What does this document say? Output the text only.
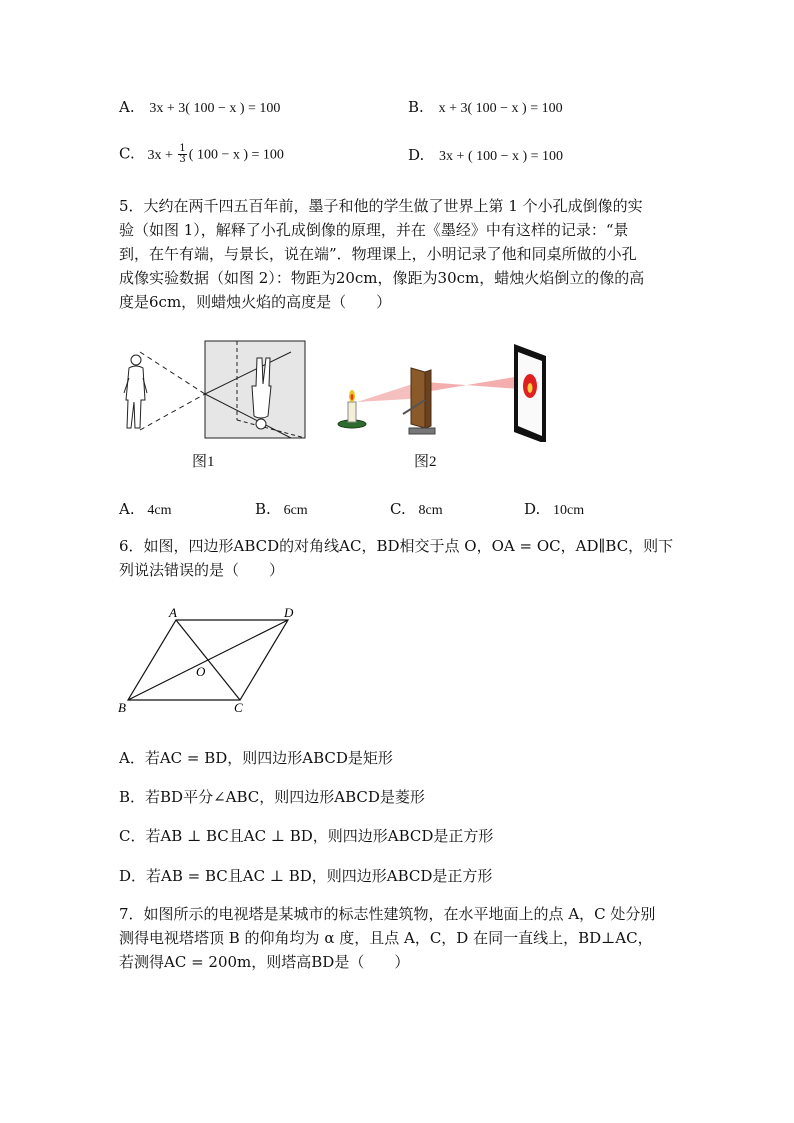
A. 3x + 3( 100 − x ) = 100	B. x + 3( 100 − x ) = 100
C. $3x + \frac{1}{3}$ ( 100 − x ) = 100	D. 3x + ( 100 − x ) = 100
5．大约在两千四五百年前，墨子和他的学生做了世界上第 1 个小孔成倒像的实
验（如图 1），解释了小孔成倒像的原理，并在《墨经》中有这样的记录：“景
到，在午有端，与景长，说在端”．物理课上，小明记录了他和同桌所做的小孔
成像实验数据（如图 2）：物距为20cm，像距为30cm，蜡烛火焰倒立的像的高
度是6cm，则蜡烛火焰的高度是（　　）
图1	图2
A. 4cm	B. 6cm	C. 8cm	D. 10cm
6．如图，四边形ABCD的对角线AC，BD相交于点 O，OA = OC，AD∥BC，则下
列说法错误的是（　　）
A	D
B	C
O
A．若AC = BD，则四边形ABCD是矩形
B．若BD平分∠ABC，则四边形ABCD是菱形
C．若AB ⊥ BC且AC ⊥ BD，则四边形ABCD是正方形
D．若AB = BC且AC ⊥ BD，则四边形ABCD是正方形
7．如图所示的电视塔是某城市的标志性建筑物，在水平地面上的点 A，C 处分别
测得电视塔塔顶 B 的仰角均为 α 度，且点 A，C，D 在同一直线上，BD⊥AC，
若测得AC = 200m，则塔高BD是（　　）
